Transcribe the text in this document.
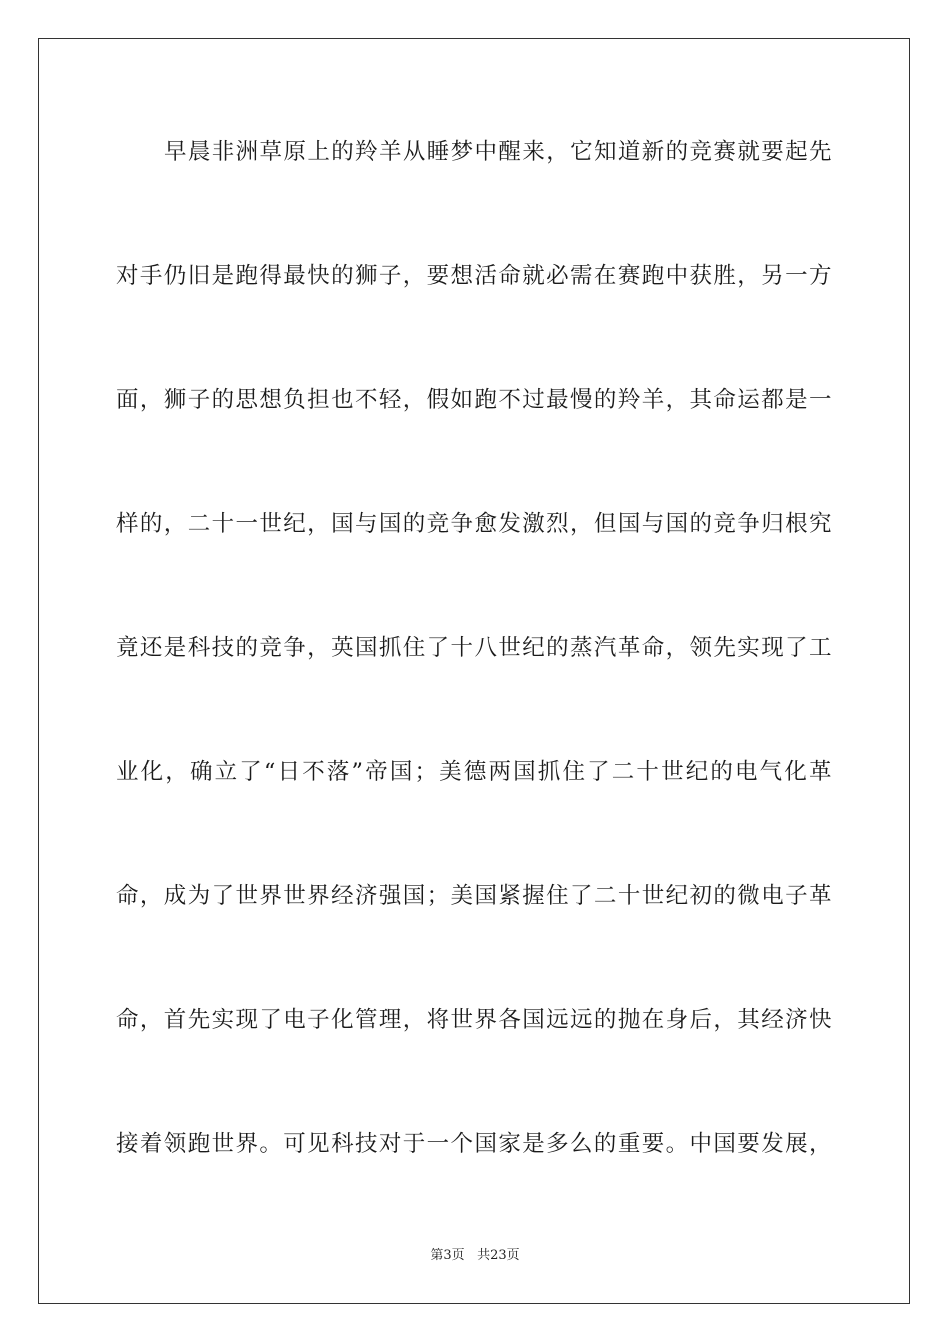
早晨非洲草原上的羚羊从睡梦中醒来，它知道新的竞赛就要起先
对手仍旧是跑得最快的狮子，要想活命就必需在赛跑中获胜，另一方
面，狮子的思想负担也不轻，假如跑不过最慢的羚羊，其命运都是一
样的，二十一世纪，国与国的竞争愈发激烈，但国与国的竞争归根究
竟还是科技的竞争，英国抓住了十八世纪的蒸汽革命，领先实现了工
业化，确立了“日不落”帝国；美德两国抓住了二十世纪的电气化革
命，成为了世界世界经济强国；美国紧握住了二十世纪初的微电子革
命，首先实现了电子化管理，将世界各国远远的抛在身后，其经济快
接着领跑世界。可见科技对于一个国家是多么的重要。中国要发展，
第3页 共23页
